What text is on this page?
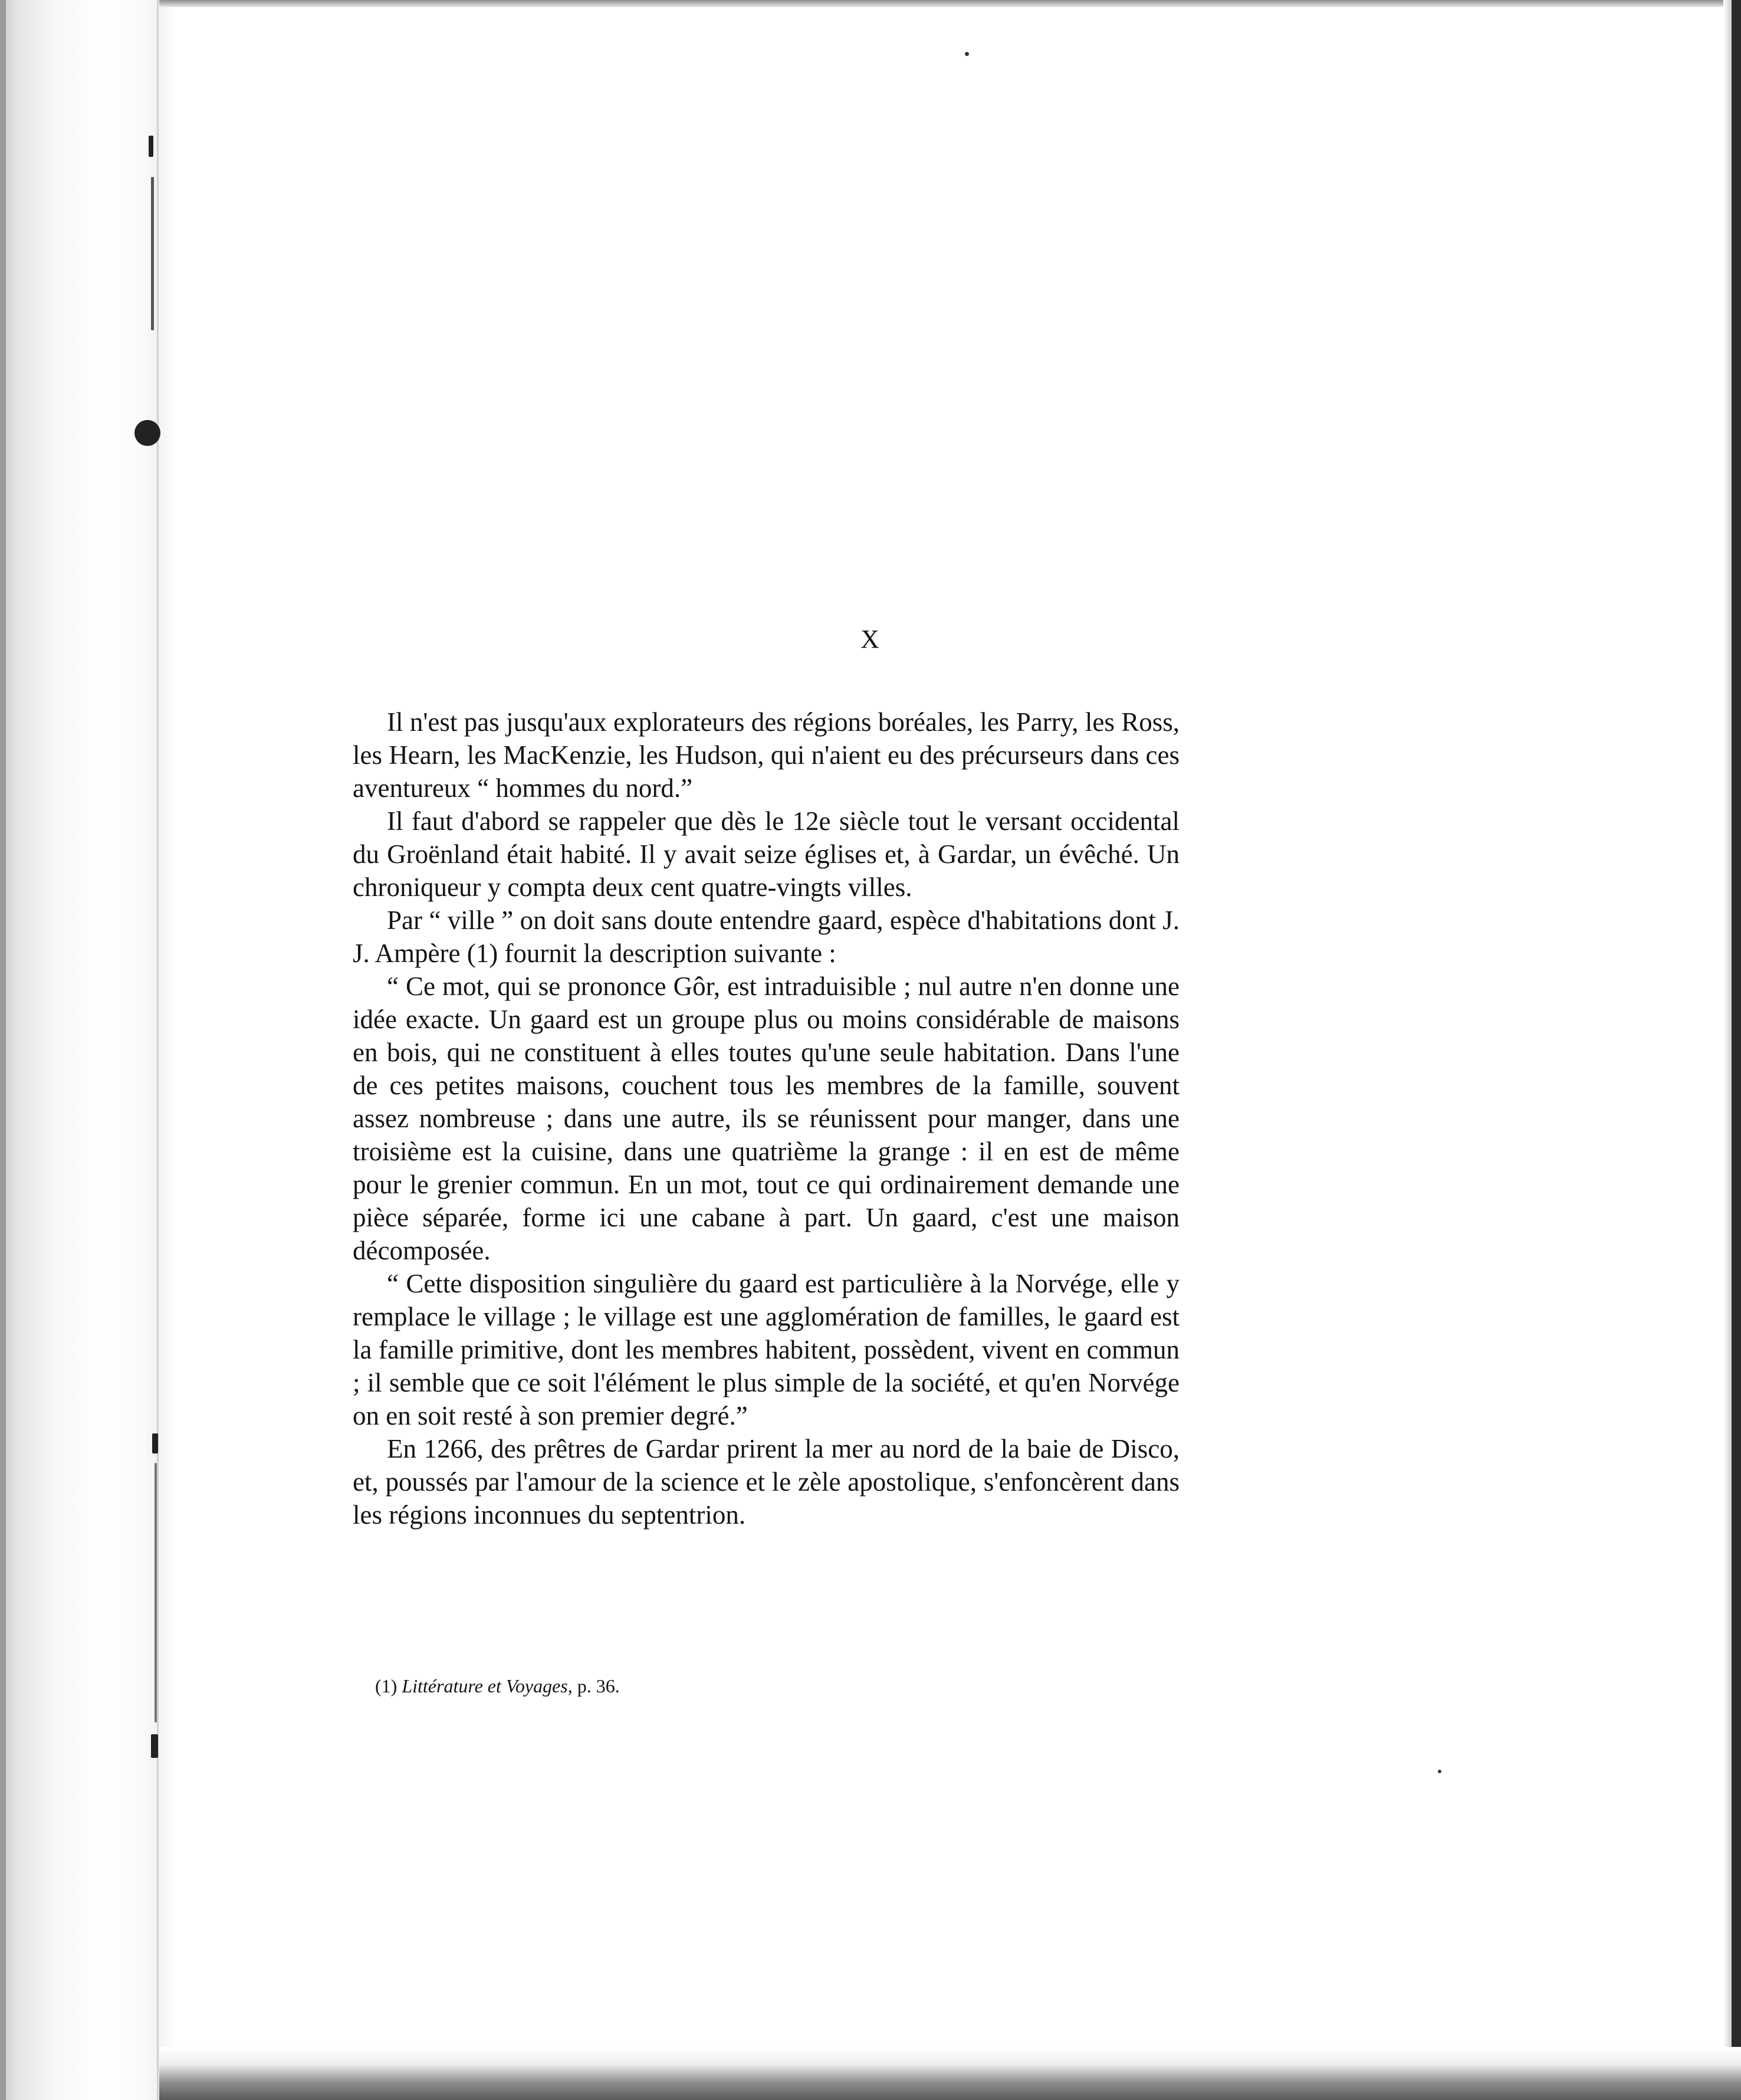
X

Il n'est pas jusqu'aux explorateurs des régions boréales, les Parry, les Ross, les Hearn, les MacKenzie, les Hudson, qui n'aient eu des précurseurs dans ces aventureux “ hommes du nord.”

Il faut d'abord se rappeler que dès le 12e siècle tout le versant occidental du Groënland était habité. Il y avait seize églises et, à Gardar, un évêché. Un chroniqueur y compta deux cent quatre-vingts villes.

Par “ ville ” on doit sans doute entendre gaard, espèce d'habitations dont J. J. Ampère (1) fournit la description suivante :

“ Ce mot, qui se prononce Gôr, est intraduisible ; nul autre n'en donne une idée exacte. Un gaard est un groupe plus ou moins considérable de maisons en bois, qui ne constituent à elles toutes qu'une seule habitation. Dans l'une de ces petites maisons, couchent tous les membres de la famille, souvent assez nombreuse ; dans une autre, ils se réunissent pour manger, dans une troisième est la cuisine, dans une quatrième la grange : il en est de même pour le grenier commun. En un mot, tout ce qui ordinairement demande une pièce séparée, forme ici une cabane à part. Un gaard, c'est une maison décomposée.

“ Cette disposition singulière du gaard est particulière à la Norvége, elle y remplace le village ; le village est une agglomération de familles, le gaard est la famille primitive, dont les membres habitent, possèdent, vivent en commun ; il semble que ce soit l'élément le plus simple de la société, et qu'en Norvége on en soit resté à son premier degré.”

En 1266, des prêtres de Gardar prirent la mer au nord de la baie de Disco, et, poussés par l'amour de la science et le zèle apostolique, s'enfoncèrent dans les régions inconnues du septentrion.

(1) Littérature et Voyages, p. 36.
